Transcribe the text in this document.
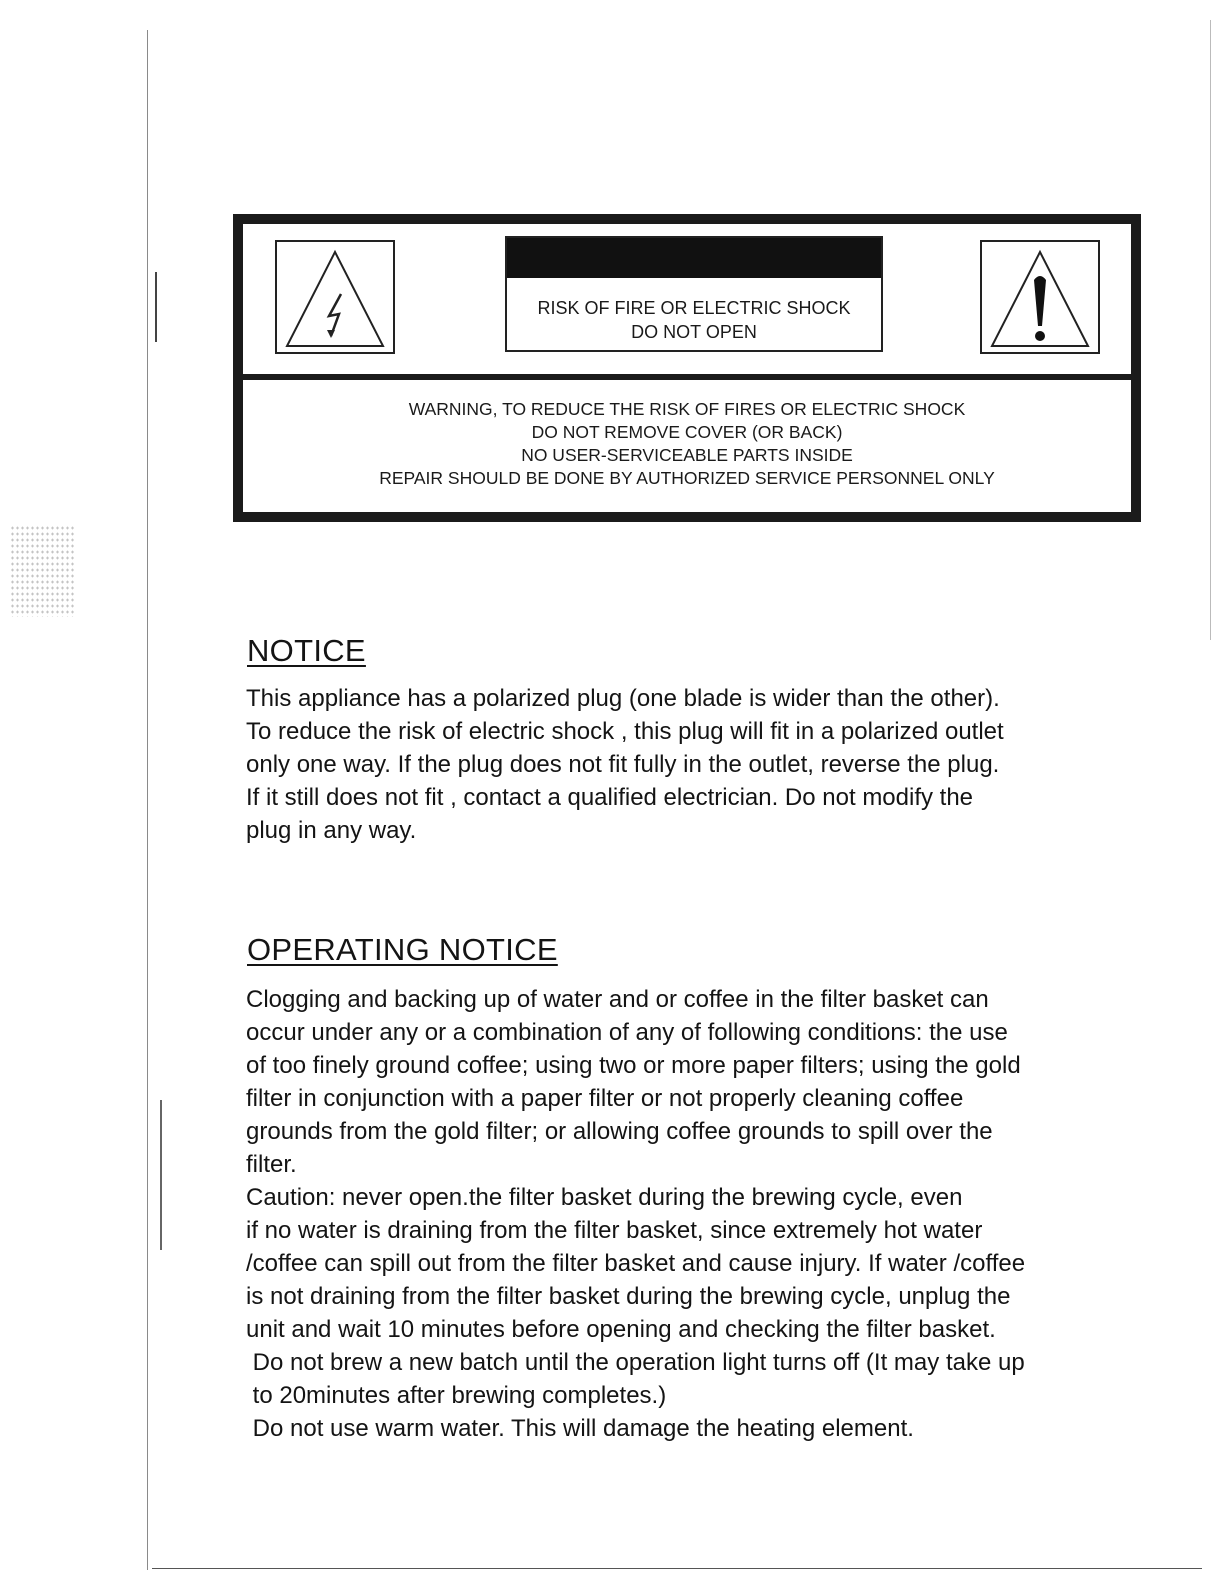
RISK OF FIRE OR ELECTRIC SHOCK
DO NOT OPEN
WARNING, TO REDUCE THE RISK OF FIRES OR ELECTRIC SHOCK
DO NOT REMOVE COVER (OR BACK)
NO USER-SERVICEABLE PARTS INSIDE
REPAIR SHOULD BE DONE BY AUTHORIZED SERVICE PERSONNEL ONLY
NOTICE
This appliance has a polarized plug (one blade is wider than the other).
To reduce the risk of electric shock , this plug will fit in a polarized outlet
only one way. If the plug does not fit fully in the outlet, reverse the plug.
If it still does not fit , contact a qualified electrician. Do not modify the
plug in any way.
OPERATING NOTICE
Clogging and backing up of water and or coffee in the filter basket can
occur under any or a combination of any of following conditions: the use
of too finely ground coffee; using two or more paper filters; using the gold
filter in conjunction with a paper filter or not properly cleaning coffee
grounds from the gold filter; or allowing coffee grounds to spill over the
filter.
Caution: never open.the filter basket during the brewing cycle, even
if no water is draining from the filter basket, since extremely hot water
/coffee can spill out from the filter basket and cause injury. If water /coffee
is not draining from the filter basket during the brewing cycle, unplug the
unit and wait 10 minutes before opening and checking the filter basket.
Do not brew a new batch until the operation light turns off (It may take up
to 20minutes after brewing completes.)
Do not use warm water. This will damage the heating element.
